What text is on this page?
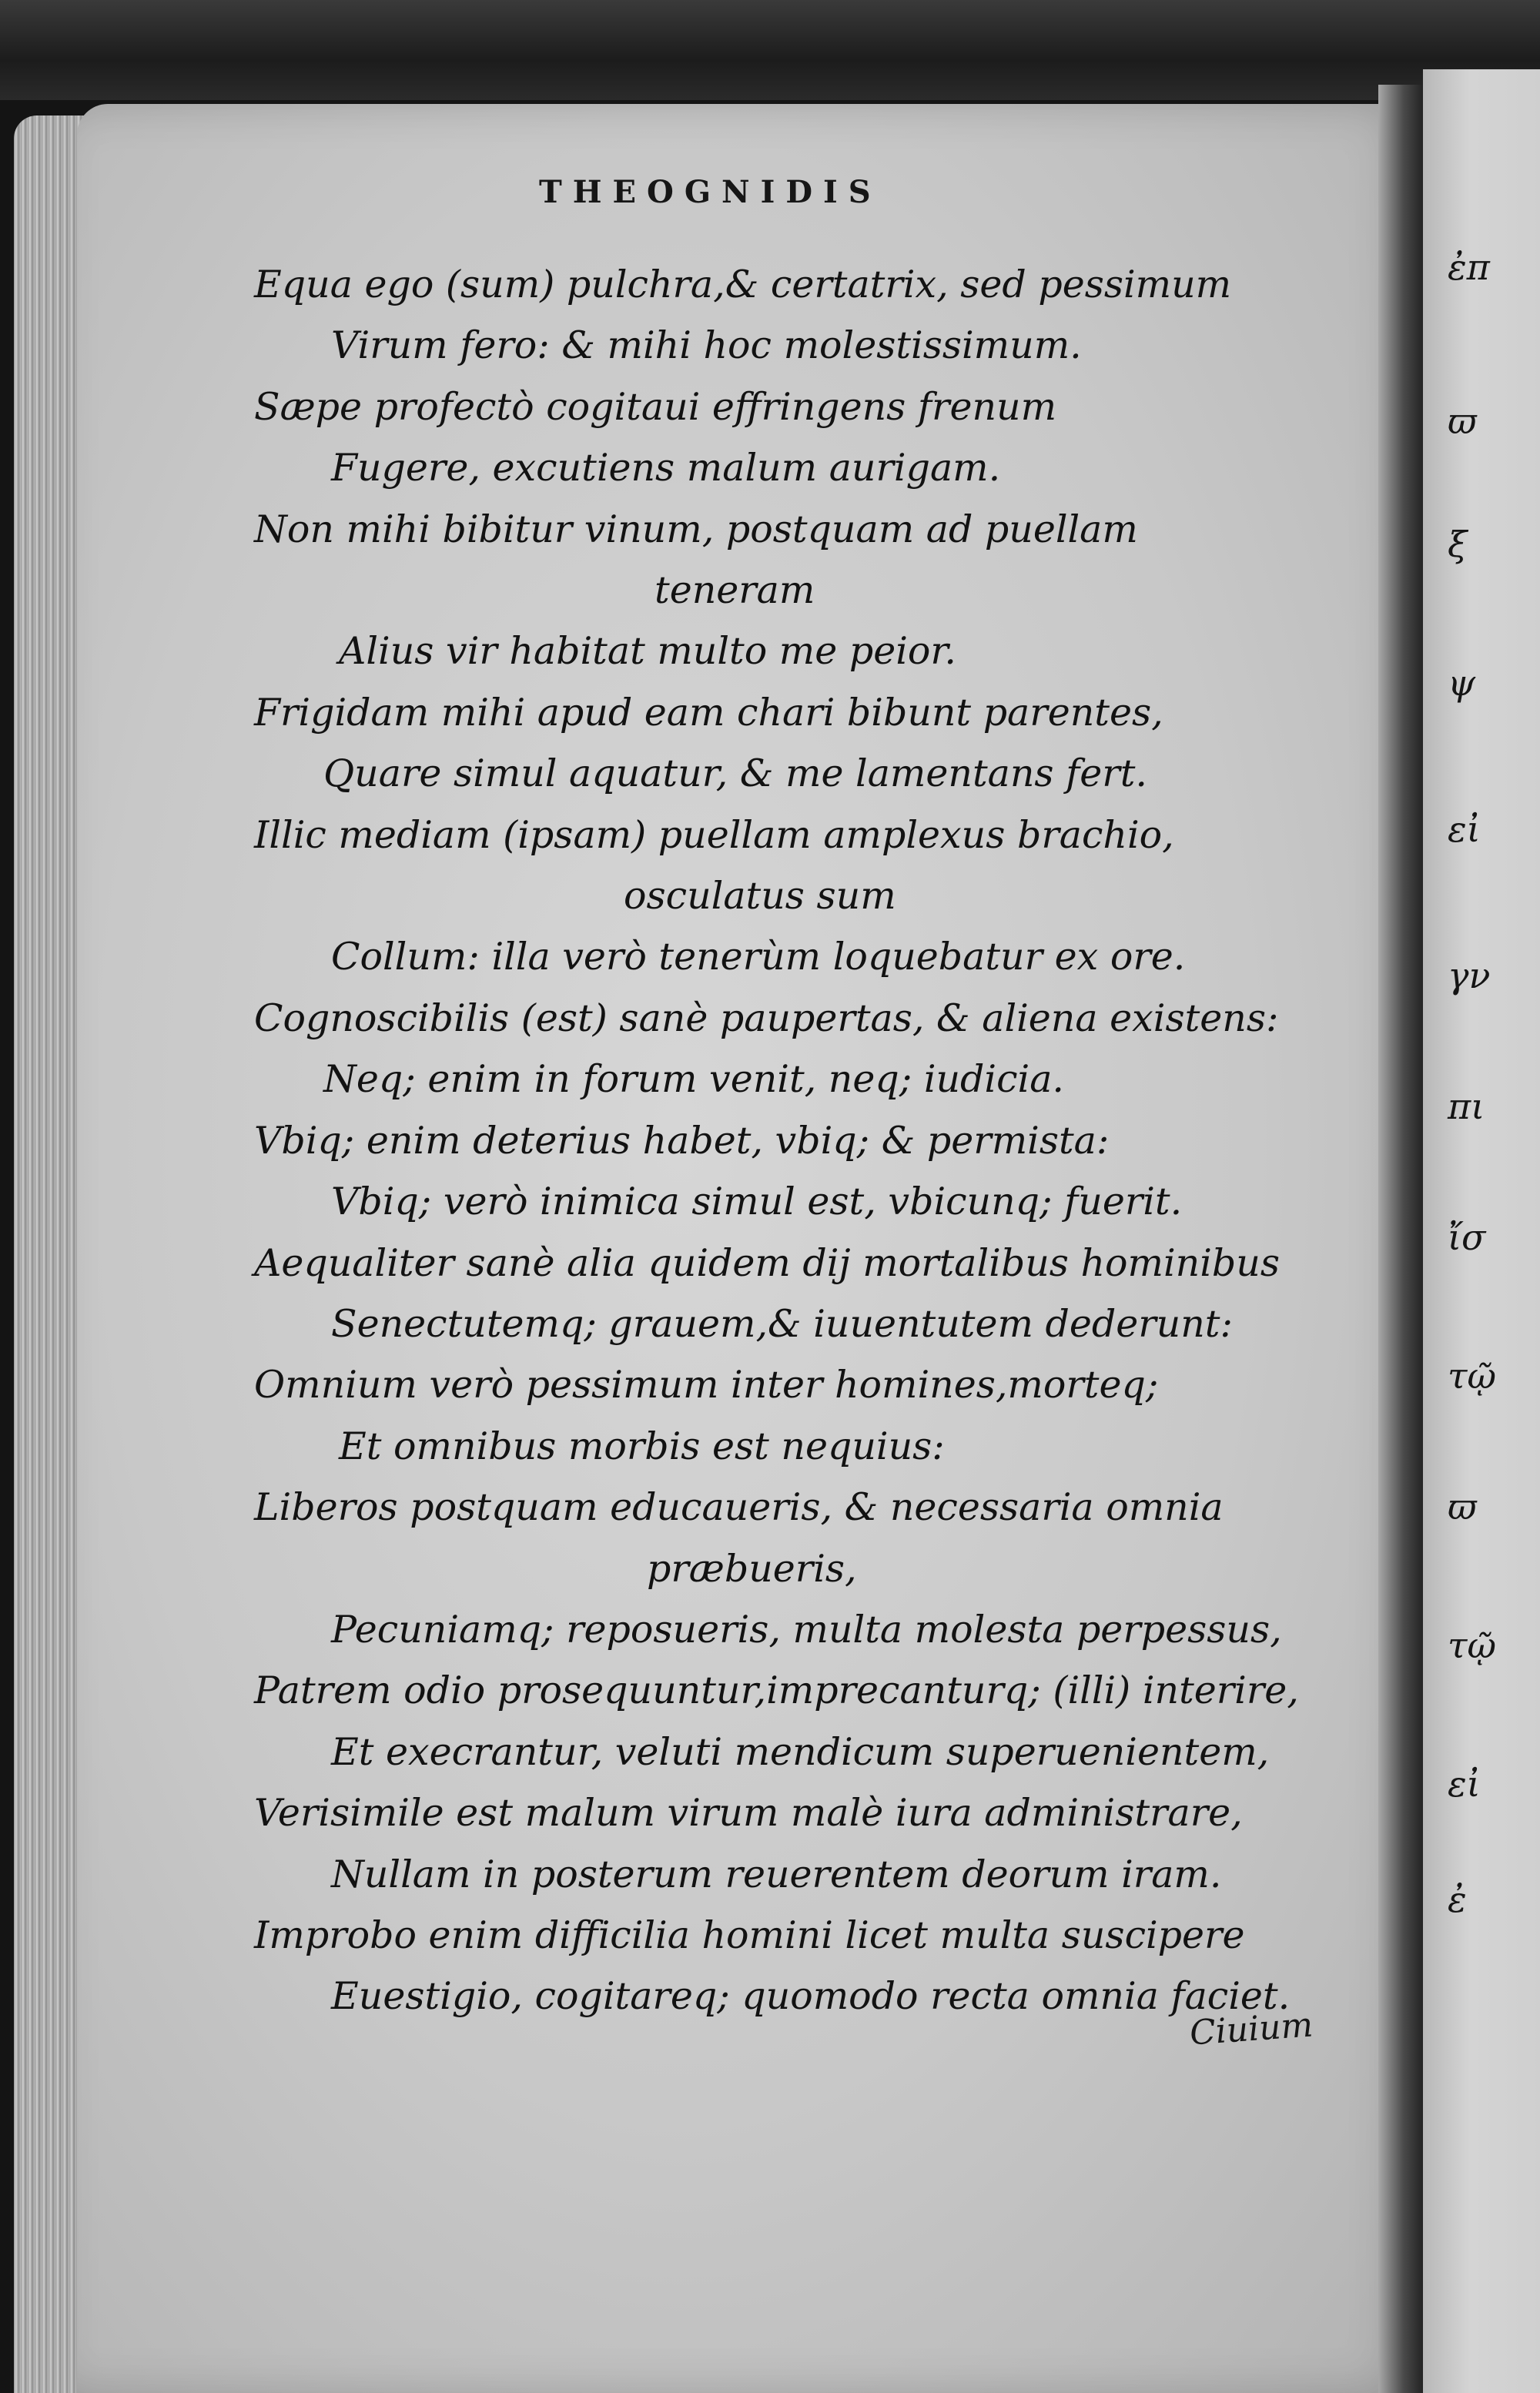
THEOGNIDIS
Equa ego (sum) pulchra,& certatrix, sed pessimum
Virum fero: & mihi hoc molestissimum.
Sæpe profectò cogitaui effringens frenum
Fugere, excutiens malum aurigam.
Non mihi bibitur vinum, postquam ad puellam
teneram
Alius vir habitat multo me peior.
Frigidam mihi apud eam chari bibunt parentes,
Quare simul aquatur, & me lamentans fert.
Illic mediam (ipsam) puellam amplexus brachio,
osculatus sum
Collum: illa verò tenerùm loquebatur ex ore.
Cognoscibilis (est) sanè paupertas, & aliena existens:
Neq; enim in forum venit, neq; iudicia.
Vbiq; enim deterius habet, vbiq; & permista:
Vbiq; verò inimica simul est, vbicunq; fuerit.
Aequaliter sanè alia quidem dij mortalibus hominibus
Senectutemq; grauem,& iuuentutem dederunt:
Omnium verò pessimum inter homines,morteq;
Et omnibus morbis est nequius:
Liberos postquam educaueris, & necessaria omnia
præbueris,
Pecuniamq; reposueris, multa molesta perpessus,
Patrem odio prosequuntur,imprecanturq; (illi) interire,
Et execrantur, veluti mendicum superuenientem,
Verisimile est malum virum malè iura administrare,
Nullam in posterum reuerentem deorum iram.
Improbo enim difficilia homini licet multa suscipere
Euestigio, cogitareq; quomodo recta omnia faciet.
Ciuium
ἐπ
ϖ
ξ
ψ
εἰ
γν
πι
ἴσ
τῷ
ϖ
τῷ
εἰ
ἐ
